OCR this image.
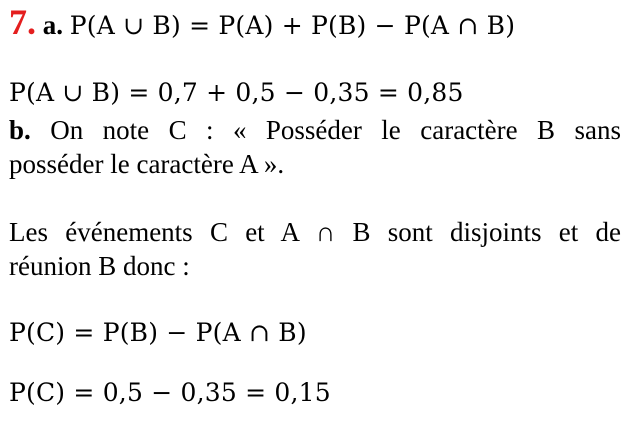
7. a. P(A ∪ B) = P(A) + P(B) − P(A ∩ B)
P(A ∪ B) = 0,7 + 0,5 − 0,35 = 0,85
b. On note C : « Posséder le caractère B sans
posséder le caractère A ».
Les événements C et A ∩ B sont disjoints et de
réunion B donc :
P(C) = P(B) − P(A ∩ B)
P(C) = 0,5 − 0,35 = 0,15
